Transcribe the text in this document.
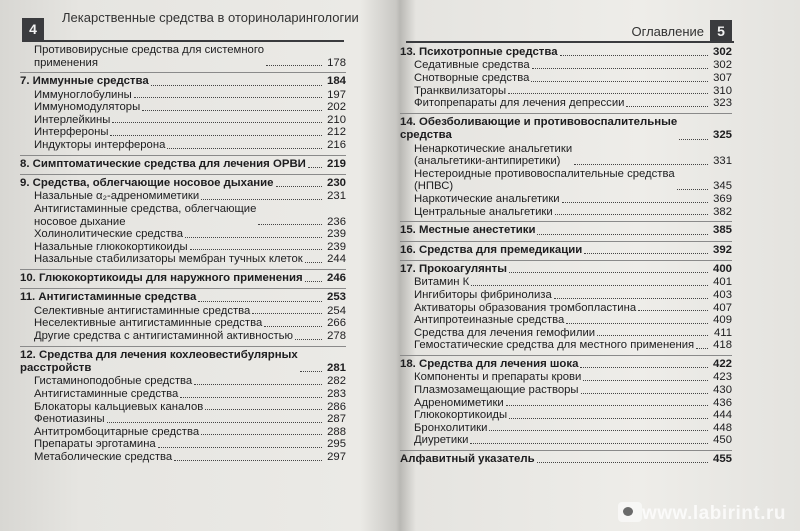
4
Лекарственные средства в оториноларингологии
Противовирусные средства для системного
применения	178
7. Иммунные средства	184
Иммуноглобулины	197
Иммуномодуляторы	202
Интерлейкины	210
Интерфероны	212
Индукторы интерферона	216
8. Симптоматические средства для лечения ОРВИ 219
9. Средства, облегчающие носовое дыхание	230
Назальные α₂-адреномиметики	231
Антигистаминные средства, облегчающие
носовое дыхание	236
Холинолитические средства	239
Назальные глюкокортикоиды	239
Назальные стабилизаторы мембран тучных клеток 244
10. Глюкокортикоиды для наружного применения 246
11. Антигистаминные средства	253
Селективные антигистаминные средства	254
Неселективные антигистаминные средства	266
Другие средства с антигистаминной активностью	278
12. Средства для лечения кохлеовестибулярных
расстройств	281
Гистаминоподобные средства	282
Антигистаминные средства	283
Блокаторы кальциевых каналов	286
Фенотиазины	287
Антитромбоцитарные средства	288
Препараты эрготамина	295
Метаболические средства	297
Оглавление 5
13. Психотропные средства	302
Седативные средства	302
Снотворные средства	307
Транквилизаторы	310
Фитопрепараты для лечения депрессии	323
14. Обезболивающие и противовоспалительные
средства	325
Ненаркотические анальгетики
(анальгетики-антипиретики)	331
Нестероидные противовоспалительные средства
(НПВС)	345
Наркотические анальгетики	369
Центральные анальгетики	382
15. Местные анестетики	385
16. Средства для премедикации	392
17. Прокоагулянты	400
Витамин К	401
Ингибиторы фибринолиза	403
Активаторы образования тромбопластина	407
Антипротеиназные средства	409
Средства для лечения гемофилии	411
Гемостатические средства для местного применения 418
18. Средства для лечения шока	422
Компоненты и препараты крови	423
Плазмозамещающие растворы	430
Адреномиметики	436
Глюкокортикоиды	444
Бронхолитики	448
Диуретики	450
Алфавитный указатель	455
www.labirint.ru
